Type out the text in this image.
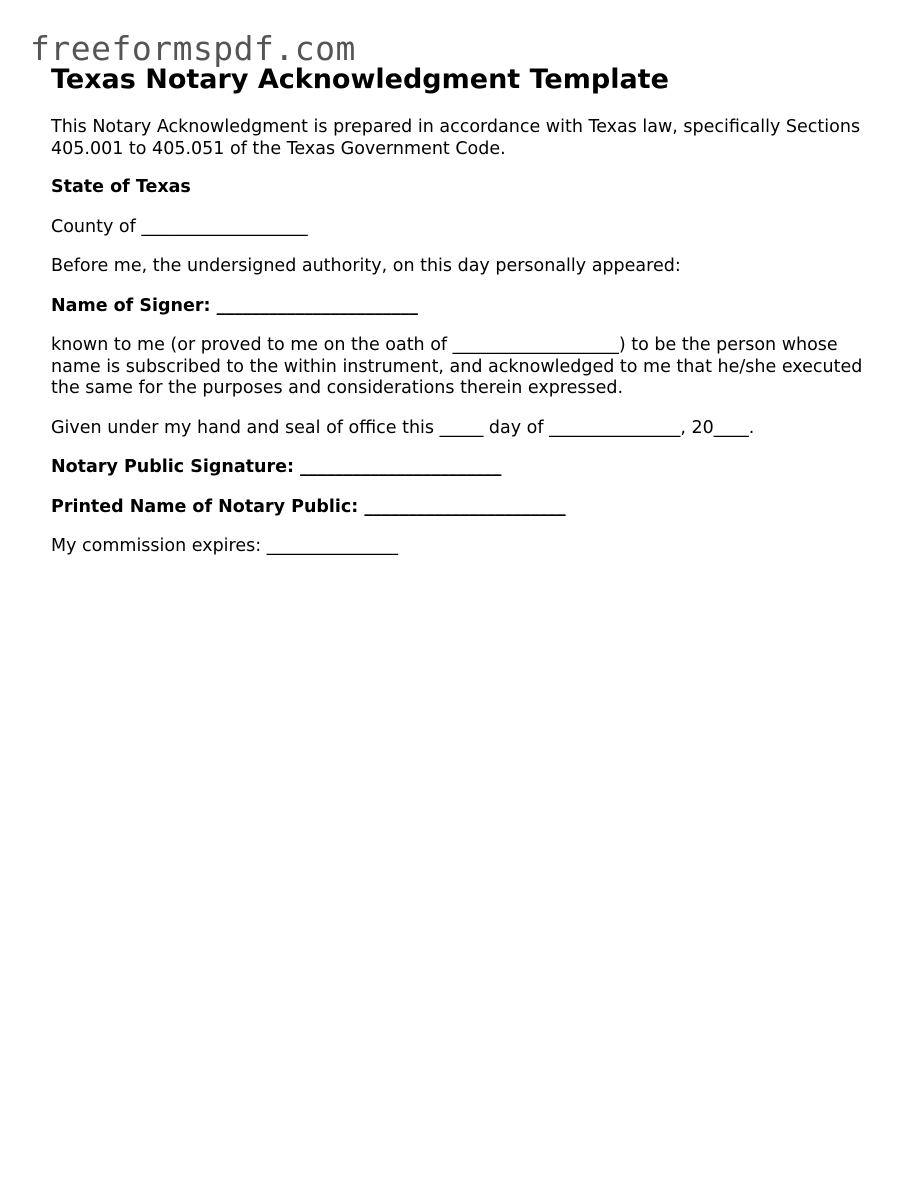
freeformspdf.com

Texas Notary Acknowledgment Template

This Notary Acknowledgment is prepared in accordance with Texas law, specifically Sections 405.001 to 405.051 of the Texas Government Code.

State of Texas

County of ___________________

Before me, the undersigned authority, on this day personally appeared:

Name of Signer: _______________________

known to me (or proved to me on the oath of ___________________) to be the person whose name is subscribed to the within instrument, and acknowledged to me that he/she executed the same for the purposes and considerations therein expressed.

Given under my hand and seal of office this _____ day of _______________, 20____.

Notary Public Signature: _______________________

Printed Name of Notary Public: _______________________

My commission expires: _______________
